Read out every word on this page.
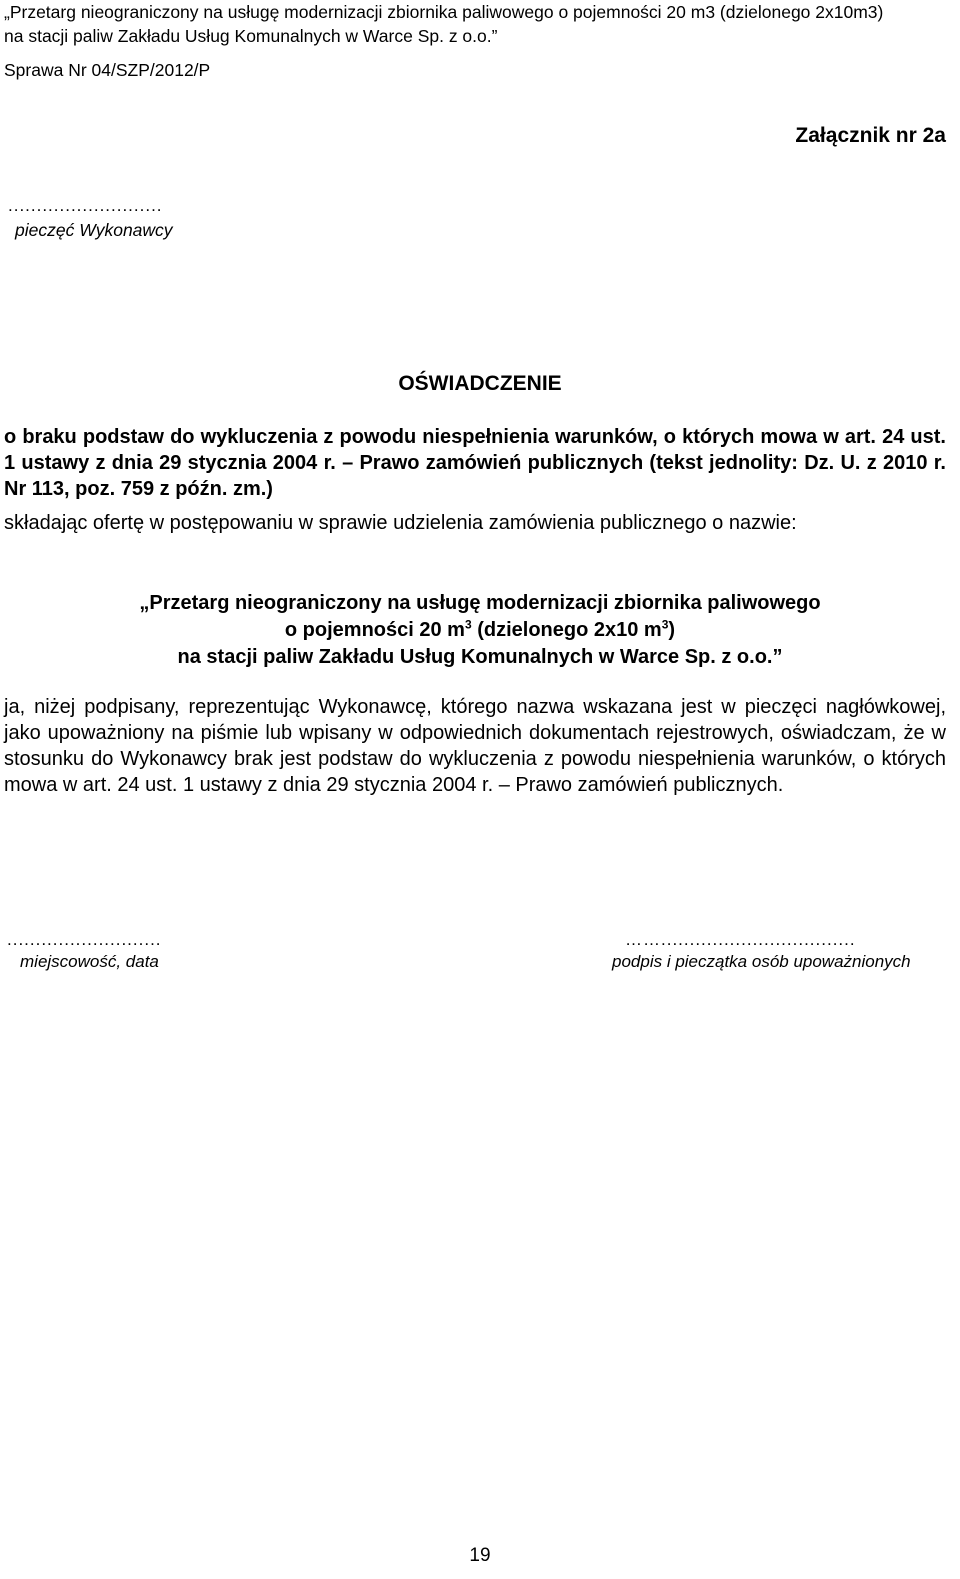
„Przetarg nieograniczony na usługę modernizacji zbiornika paliwowego o pojemności 20 m3 (dzielonego 2x10m3)
na stacji paliw Zakładu Usług Komunalnych w Warce Sp. z o.o.”
Sprawa Nr 04/SZP/2012/P
Załącznik nr 2a
...........................
pieczęć Wykonawcy
OŚWIADCZENIE
o braku podstaw do wykluczenia z powodu niespełnienia warunków, o których mowa w art. 24 ust. 1 ustawy z dnia 29 stycznia 2004 r. – Prawo zamówień publicznych (tekst jednolity: Dz. U. z 2010 r. Nr 113, poz. 759 z późn. zm.)
składając ofertę w postępowaniu w sprawie udzielenia zamówienia publicznego o nazwie:
„Przetarg nieograniczony na usługę modernizacji zbiornika paliwowego
o pojemności 20 $m^3$ (dzielonego 2x10 $m^3$)
na stacji paliw Zakładu Usług Komunalnych w Warce Sp. z o.o.”
ja, niżej podpisany, reprezentując Wykonawcę, którego nazwa wskazana jest w pieczęci nagłówkowej, jako upoważniony na piśmie lub wpisany w odpowiednich dokumentach rejestrowych, oświadczam, że w stosunku do Wykonawcy brak jest podstaw do wykluczenia z powodu niespełnienia warunków, o których mowa w art. 24 ust. 1 ustawy z dnia 29 stycznia 2004 r. – Prawo zamówień publicznych.
...........................
miejscowość, data
……..................................
podpis i pieczątka osób upoważnionych
19
